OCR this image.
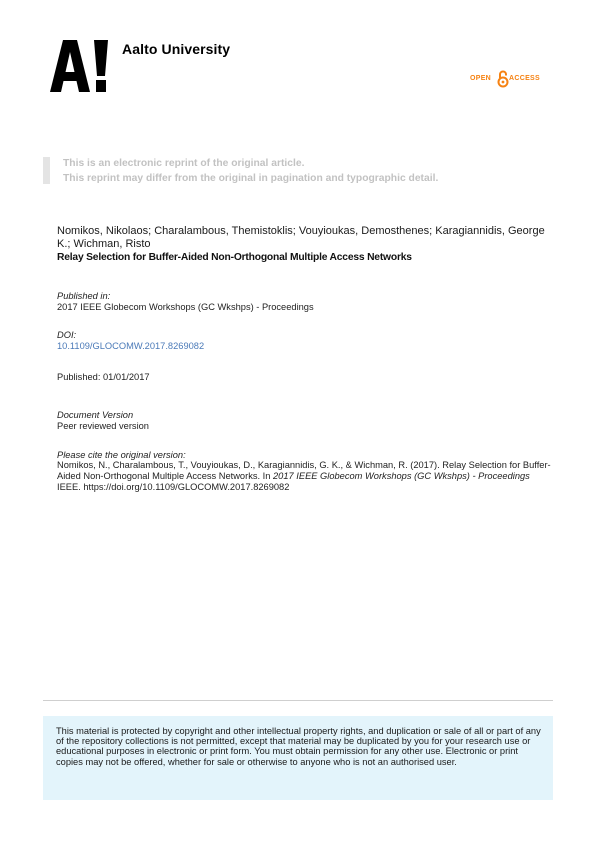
Aalto University
OPEN	ACCESS
This is an electronic reprint of the original article.
This reprint may differ from the original in pagination and typographic detail.
Nomikos, Nikolaos; Charalambous, Themistoklis; Vouyioukas, Demosthenes; Karagiannidis, George K.; Wichman, Risto
Relay Selection for Buffer-Aided Non-Orthogonal Multiple Access Networks
Published in:
2017 IEEE Globecom Workshops (GC Wkshps) - Proceedings
DOI:
10.1109/GLOCOMW.2017.8269082
Published: 01/01/2017
Document Version
Peer reviewed version
Please cite the original version:
Nomikos, N., Charalambous, T., Vouyioukas, D., Karagiannidis, G. K., & Wichman, R. (2017). Relay Selection for Buffer-Aided Non-Orthogonal Multiple Access Networks. In 2017 IEEE Globecom Workshops (GC Wkshps) - Proceedings IEEE. https://doi.org/10.1109/GLOCOMW.2017.8269082
This material is protected by copyright and other intellectual property rights, and duplication or sale of all or part of any of the repository collections is not permitted, except that material may be duplicated by you for your research use or educational purposes in electronic or print form. You must obtain permission for any other use. Electronic or print copies may not be offered, whether for sale or otherwise to anyone who is not an authorised user.
